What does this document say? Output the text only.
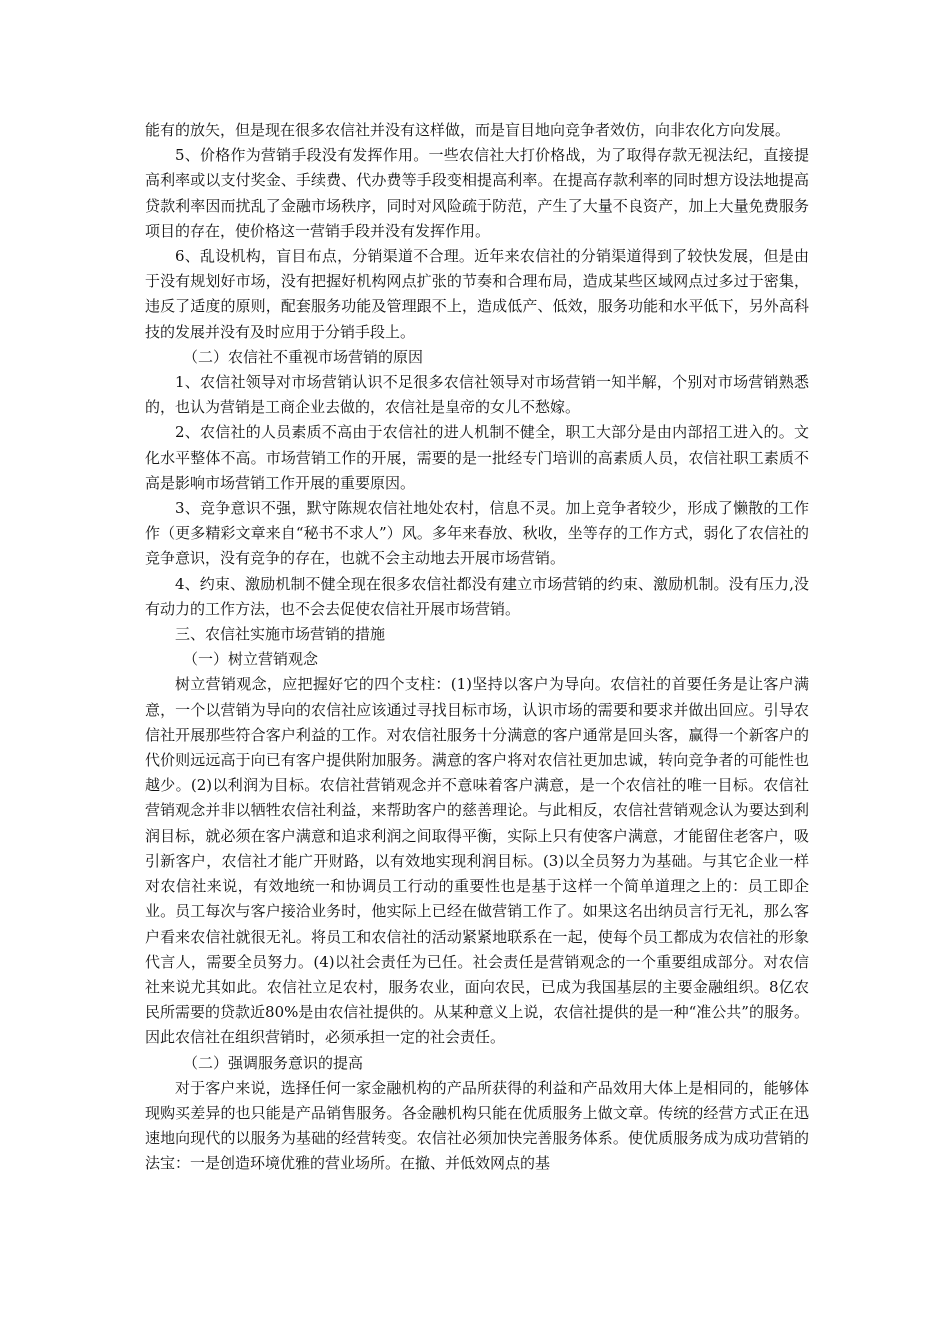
能有的放矢，但是现在很多农信社并没有这样做，而是盲目地向竞争者效仿，向非农化方向发展。

5、价格作为营销手段没有发挥作用。一些农信社大打价格战，为了取得存款无视法纪，直接提高利率或以支付奖金、手续费、代办费等手段变相提高利率。在提高存款利率的同时想方设法地提高贷款利率因而扰乱了金融市场秩序，同时对风险疏于防范，产生了大量不良资产，加上大量免费服务项目的存在，使价格这一营销手段并没有发挥作用。

6、乱设机构，盲目布点，分销渠道不合理。近年来农信社的分销渠道得到了较快发展，但是由于没有规划好市场，没有把握好机构网点扩张的节奏和合理布局，造成某些区域网点过多过于密集，违反了适度的原则，配套服务功能及管理跟不上，造成低产、低效，服务功能和水平低下，另外高科技的发展并没有及时应用于分销手段上。

（二）农信社不重视市场营销的原因

1、农信社领导对市场营销认识不足很多农信社领导对市场营销一知半解，个别对市场营销熟悉的，也认为营销是工商企业去做的，农信社是皇帝的女儿不愁嫁。

2、农信社的人员素质不高由于农信社的进人机制不健全，职工大部分是由内部招工进入的。文化水平整体不高。市场营销工作的开展，需要的是一批经专门培训的高素质人员，农信社职工素质不高是影响市场营销工作开展的重要原因。

3、竞争意识不强，默守陈规农信社地处农村，信息不灵。加上竞争者较少，形成了懒散的工作作（更多精彩文章来自“秘书不求人”）风。多年来春放、秋收，坐等存的工作方式，弱化了农信社的竞争意识，没有竞争的存在，也就不会主动地去开展市场营销。

4、约束、激励机制不健全现在很多农信社都没有建立市场营销的约束、激励机制。没有压力,没有动力的工作方法，也不会去促使农信社开展市场营销。

三、农信社实施市场营销的措施

（一）树立营销观念

树立营销观念，应把握好它的四个支柱：(1)坚持以客户为导向。农信社的首要任务是让客户满意，一个以营销为导向的农信社应该通过寻找目标市场，认识市场的需要和要求并做出回应。引导农信社开展那些符合客户利益的工作。对农信社服务十分满意的客户通常是回头客，赢得一个新客户的代价则远远高于向已有客户提供附加服务。满意的客户将对农信社更加忠诚，转向竞争者的可能性也越少。(2)以利润为目标。农信社营销观念并不意味着客户满意，是一个农信社的唯一目标。农信社营销观念并非以牺牲农信社利益，来帮助客户的慈善理论。与此相反，农信社营销观念认为要达到利润目标，就必须在客户满意和追求利润之间取得平衡，实际上只有使客户满意，才能留住老客户，吸引新客户，农信社才能广开财路，以有效地实现利润目标。(3)以全员努力为基础。与其它企业一样对农信社来说，有效地统一和协调员工行动的重要性也是基于这样一个简单道理之上的：员工即企业。员工每次与客户接洽业务时，他实际上已经在做营销工作了。如果这名出纳员言行无礼，那么客户看来农信社就很无礼。将员工和农信社的活动紧紧地联系在一起，使每个员工都成为农信社的形象代言人，需要全员努力。(4)以社会责任为已任。社会责任是营销观念的一个重要组成部分。对农信社来说尤其如此。农信社立足农村，服务农业，面向农民，已成为我国基层的主要金融组织。8亿农民所需要的贷款近80%是由农信社提供的。从某种意义上说，农信社提供的是一种“准公共”的服务。因此农信社在组织营销时，必须承担一定的社会责任。

（二）强调服务意识的提高

对于客户来说，选择任何一家金融机构的产品所获得的利益和产品效用大体上是相同的，能够体现购买差异的也只能是产品销售服务。各金融机构只能在优质服务上做文章。传统的经营方式正在迅速地向现代的以服务为基础的经营转变。农信社必须加快完善服务体系。使优质服务成为成功营销的法宝：一是创造环境优雅的营业场所。在撤、并低效网点的基
